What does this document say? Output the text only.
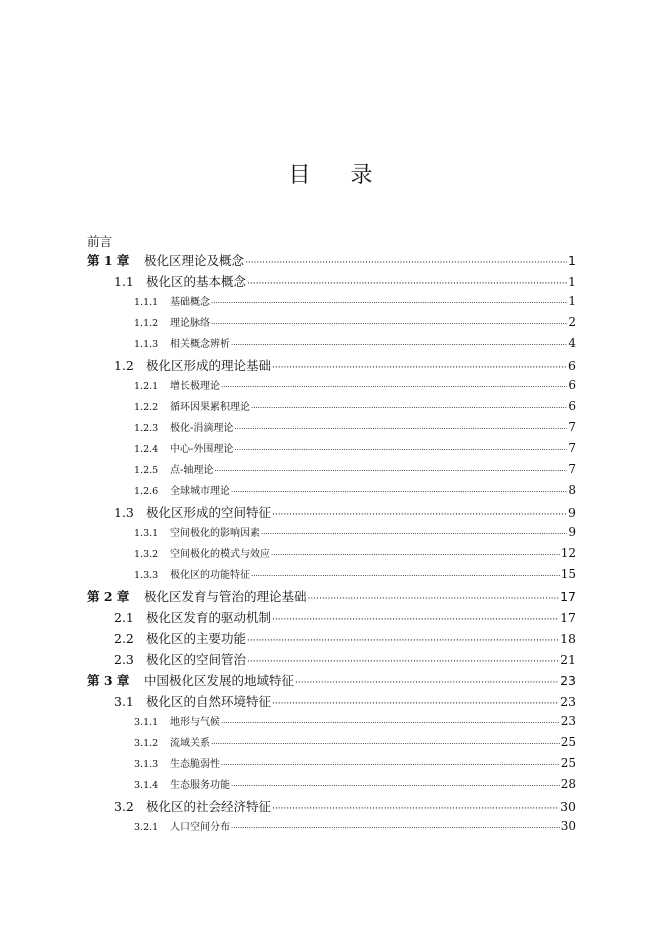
目 录
前言
第 1 章	极化区理论及概念 ·····	1
1.1 极化区的基本概念 ·····	1
1.1.1	基础概念 ·····	1
1.1.2	理论脉络 ·····	2
1.1.3	相关概念辨析 ·····	4
1.2 极化区形成的理论基础 ·····	6
1.2.1	增长极理论 ·····	6
1.2.2	循环因果累积理论 ·····	6
1.2.3	极化-涓滴理论 ·····	7
1.2.4	中心-外围理论 ·····	7
1.2.5	点-轴理论 ·····	7
1.2.6	全球城市理论 ·····	8
1.3 极化区形成的空间特征 ·····	9
1.3.1	空间极化的影响因素 ·····	9
1.3.2	空间极化的模式与效应 ·····	12
1.3.3	极化区的功能特征 ·····	15
第 2 章	极化区发育与管治的理论基础 ·····	17
2.1 极化区发育的驱动机制 ·····	17
2.2 极化区的主要功能 ·····	18
2.3 极化区的空间管治 ·····	21
第 3 章	中国极化区发展的地域特征 ·····	23
3.1 极化区的自然环境特征 ·····	23
3.1.1	地形与气候 ·····	23
3.1.2	流域关系 ·····	25
3.1.3	生态脆弱性 ·····	25
3.1.4	生态服务功能 ·····	28
3.2 极化区的社会经济特征 ·····	30
3.2.1	人口空间分布 ·····	30
